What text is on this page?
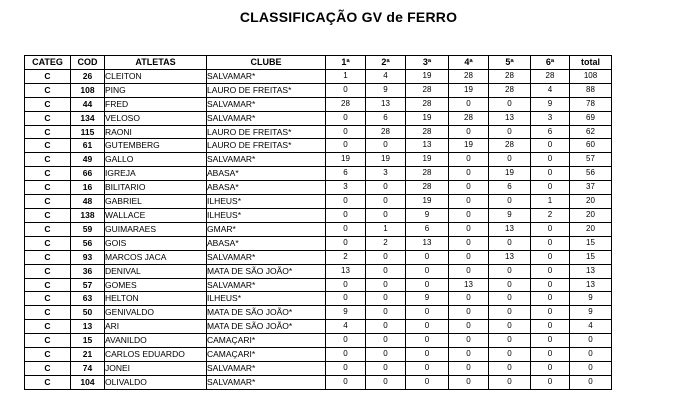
CLASSIFICAÇÃO GV de FERRO
CATEG	COD	ATLETAS	CLUBE	1ª	2ª	3ª	4ª	5ª	6ª	total
C	26	CLEITON	SALVAMAR*	1	4	19	28	28	28	108
C	108	PING	LAURO DE FREITAS*	0	9	28	19	28	4	88
C	44	FRED	SALVAMAR*	28	13	28	0	0	9	78
C	134	VELOSO	SALVAMAR*	0	6	19	28	13	3	69
C	115	RAONI	LAURO DE FREITAS*	0	28	28	0	0	6	62
C	61	GUTEMBERG	LAURO DE FREITAS*	0	0	13	19	28	0	60
C	49	GALLO	SALVAMAR*	19	19	19	0	0	0	57
C	66	IGREJA	ABASA*	6	3	28	0	19	0	56
C	16	BILITARIO	ABASA*	3	0	28	0	6	0	37
C	48	GABRIEL	ILHEUS*	0	0	19	0	0	1	20
C	138	WALLACE	ILHEUS*	0	0	9	0	9	2	20
C	59	GUIMARAES	GMAR*	0	1	6	0	13	0	20
C	56	GOIS	ABASA*	0	2	13	0	0	0	15
C	93	MARCOS JACA	SALVAMAR*	2	0	0	0	13	0	15
C	36	DENIVAL	MATA DE SÃO JOÃO*	13	0	0	0	0	0	13
C	57	GOMES	SALVAMAR*	0	0	0	13	0	0	13
C	63	HELTON	ILHEUS*	0	0	9	0	0	0	9
C	50	GENIVALDO	MATA DE SÃO JOÃO*	9	0	0	0	0	0	9
C	13	ARI	MATA DE SÃO JOÃO*	4	0	0	0	0	0	4
C	15	AVANILDO	CAMAÇARI*	0	0	0	0	0	0	0
C	21	CARLOS EDUARDO	CAMAÇARI*	0	0	0	0	0	0	0
C	74	JONEI	SALVAMAR*	0	0	0	0	0	0	0
C	104	OLIVALDO	SALVAMAR*	0	0	0	0	0	0	0
